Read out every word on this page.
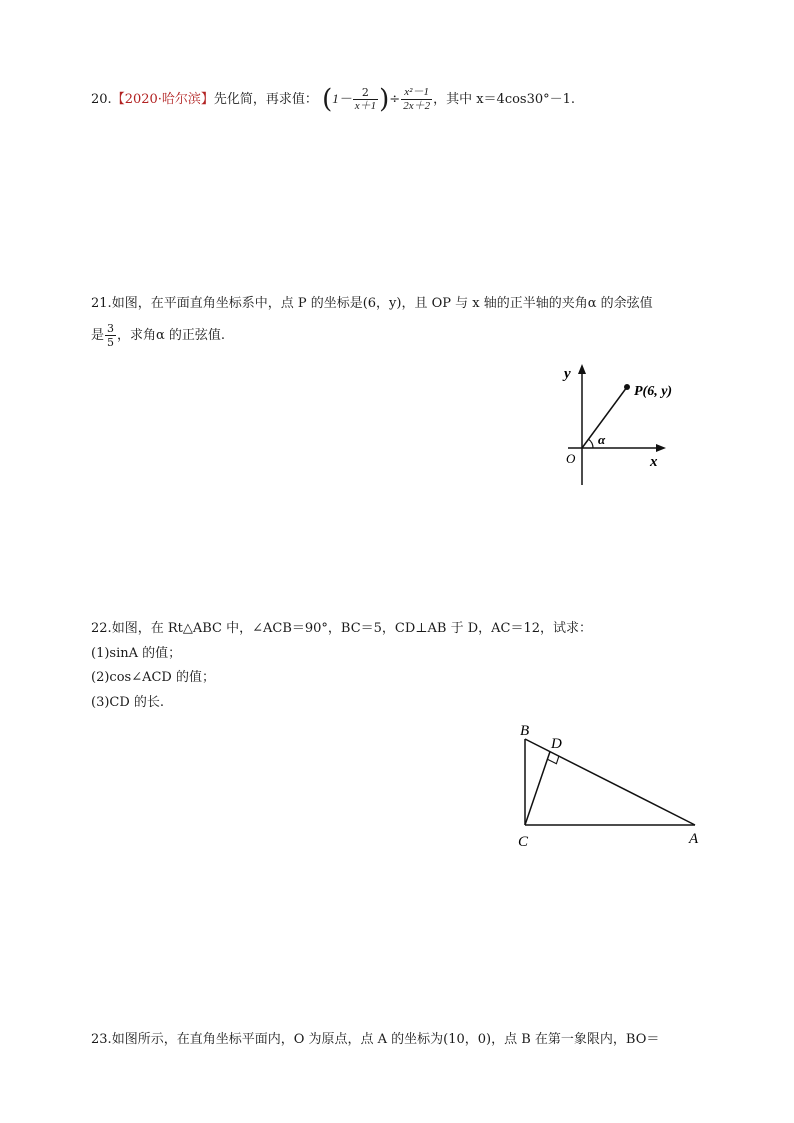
20.【2020·哈尔滨】先化简，再求值： ($1- \frac{2}{x+1}$ )÷ $\frac{\text{x²－1}}{2x+2}$ ，其中 x＝4cos30°－1.
21.如图，在平面直角坐标系中，点 P 的坐标是(6，y)，且 OP 与 x 轴的正半轴的夹角α 的余弦值
是 $\frac{3}{5}$ ，求角α 的正弦值.
y
x
O
P(6, y)
α
22.如图，在 Rt△ABC 中，∠ACB＝90°，BC＝5，CD⊥AB 于 D，AC＝12，试求：
(1)sinA 的值；
(2)cos∠ACD 的值；
(3)CD 的长.
B
D
C	A
23.如图所示，在直角坐标平面内，O 为原点，点 A 的坐标为(10，0)，点 B 在第一象限内，BO＝
